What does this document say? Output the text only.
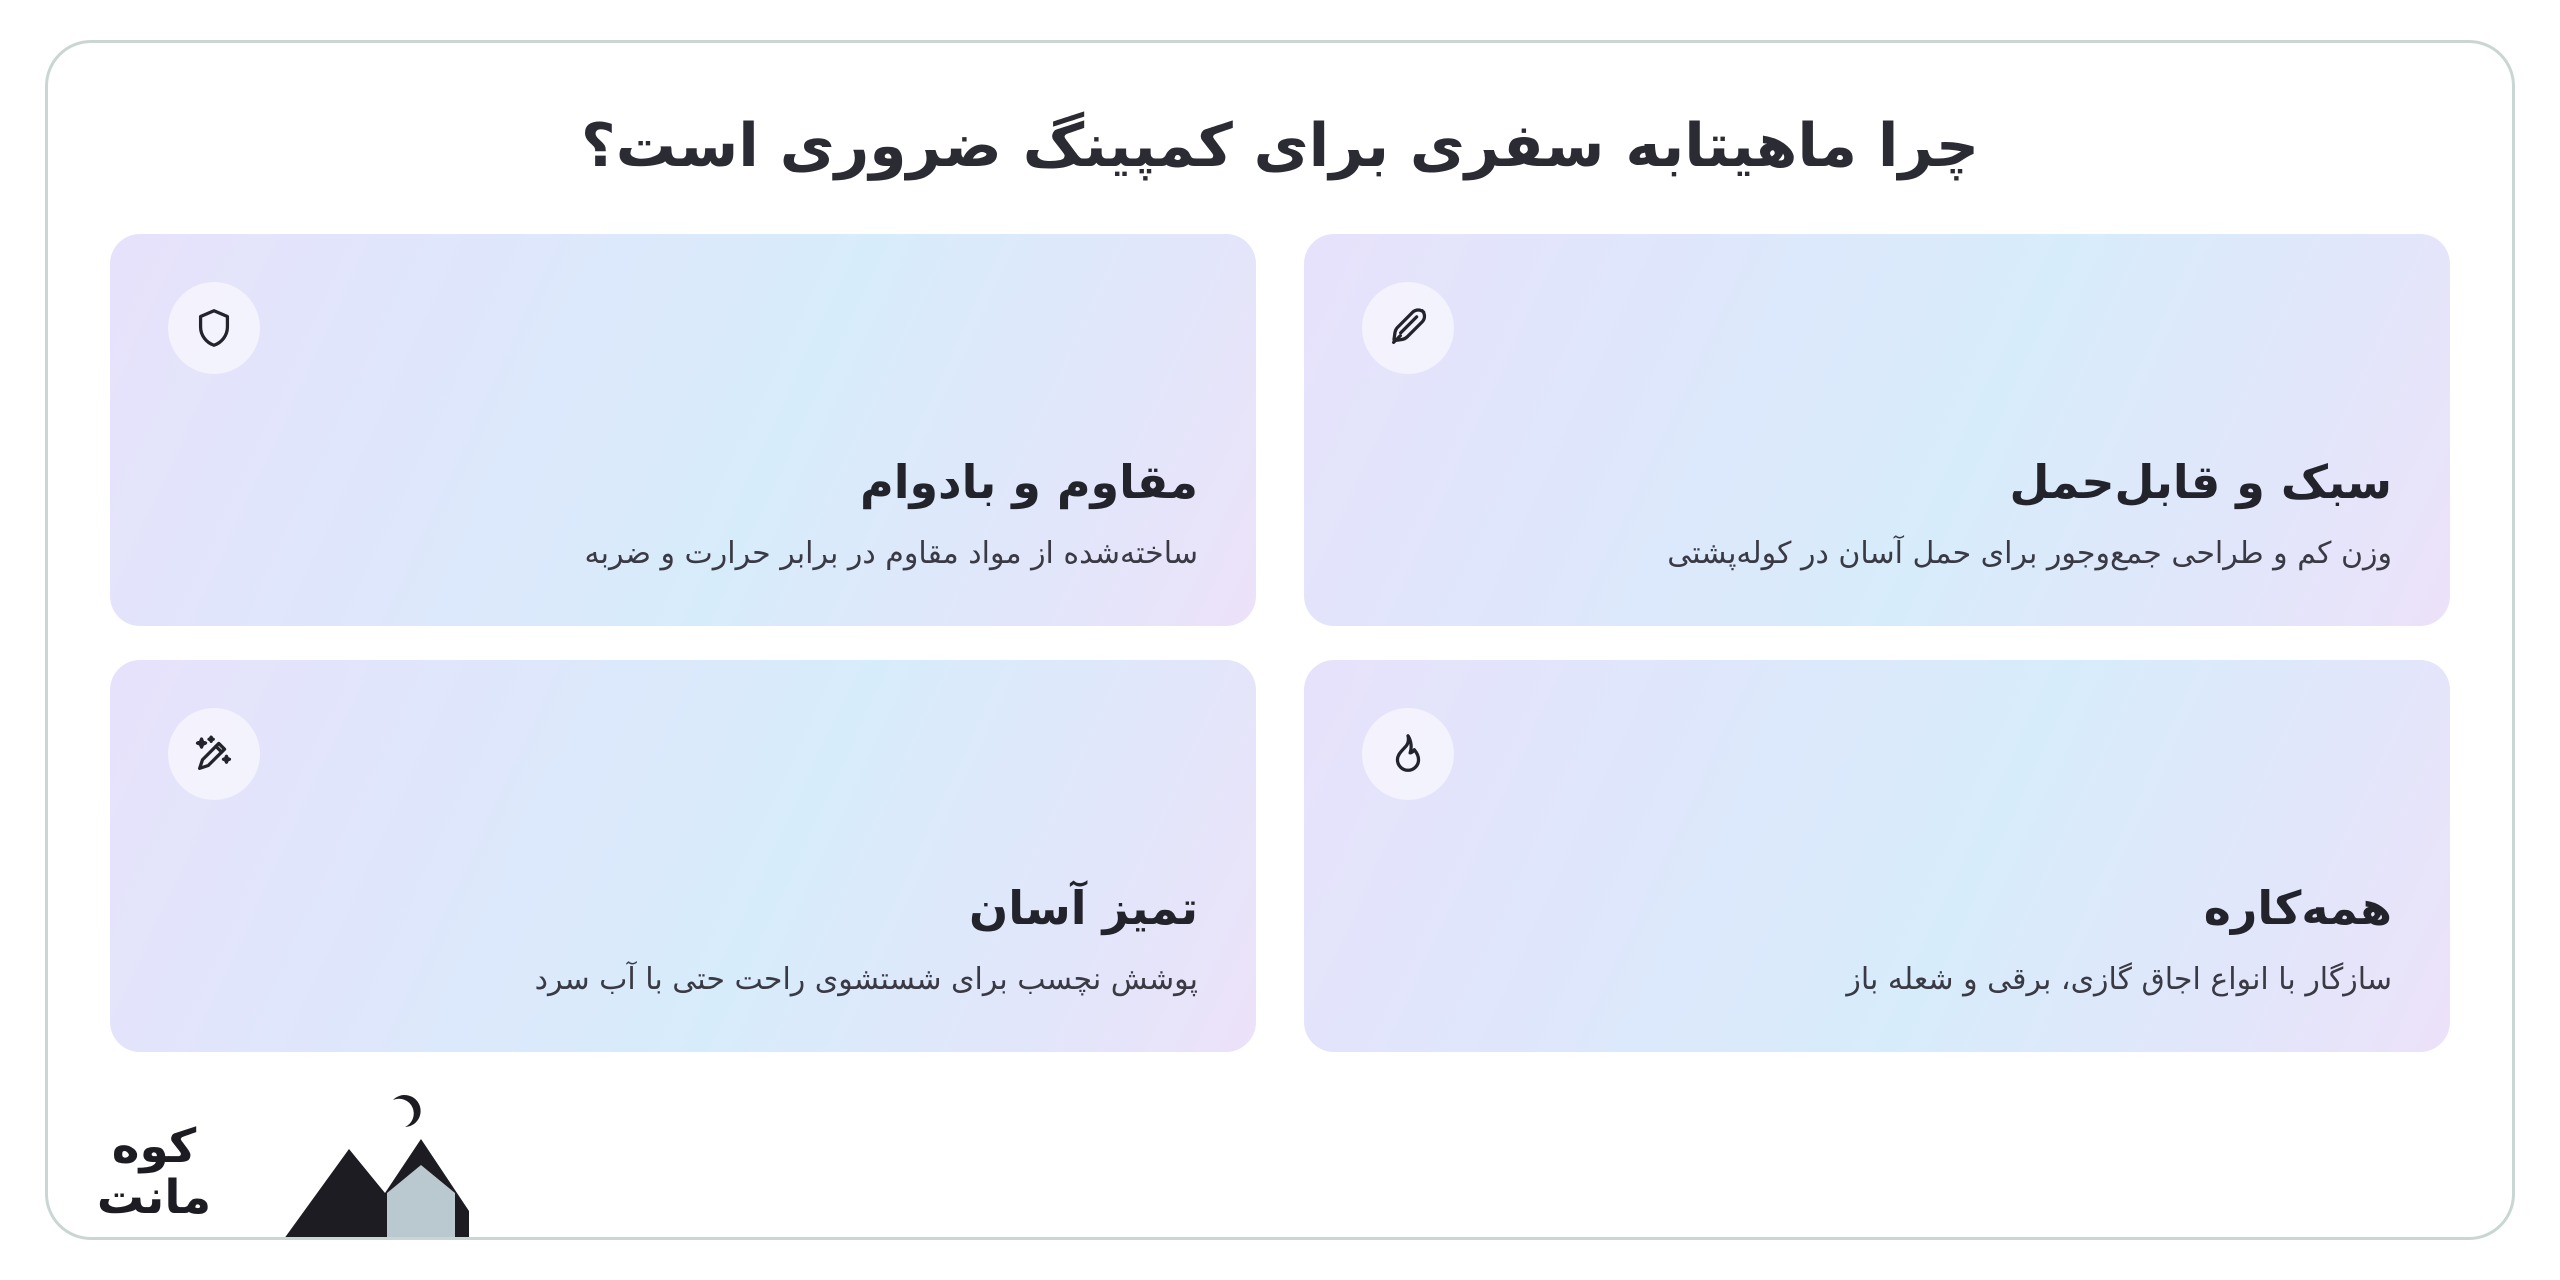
چرا ماهیتابه سفری برای کمپینگ ضروری است؟
سبک و قابل‌حمل
وزن کم و طراحی جمع‌وجور برای حمل آسان در کوله‌پشتی
مقاوم و بادوام
ساخته‌شده از مواد مقاوم در برابر حرارت و ضربه
همه‌کاره
سازگار با انواع اجاق گازی، برقی و شعله باز
تمیز آسان
پوشش نچسب برای شستشوی راحت حتی با آب سرد
کوه
مانت
